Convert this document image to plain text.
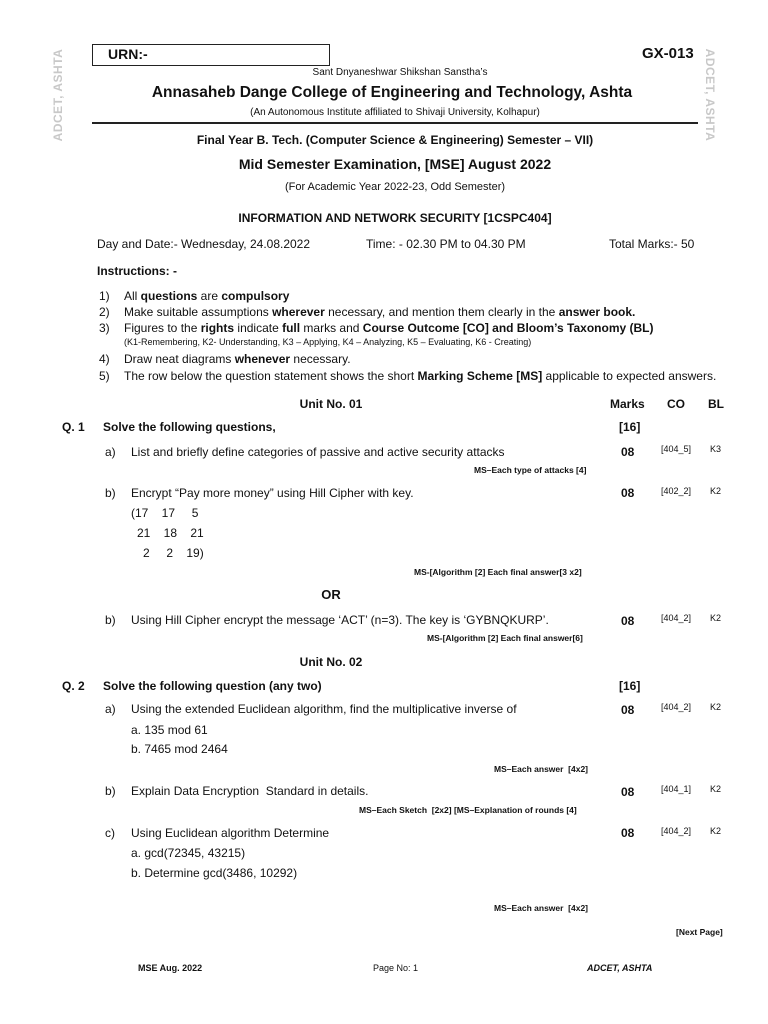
ADCET, ASHTA	ADCET, ASHTA
URN:-	GX-013
Sant Dnyaneshwar Shikshan Sanstha’s
Annasaheb Dange College of Engineering and Technology, Ashta
(An Autonomous Institute affiliated to Shivaji University, Kolhapur)
Final Year B. Tech. (Computer Science & Engineering) Semester – VII)
Mid Semester Examination, [MSE] August 2022
(For Academic Year 2022-23, Odd Semester)
INFORMATION AND NETWORK SECURITY [1CSPC404]
Day and Date:- Wednesday, 24.08.2022	Time: - 02.30 PM to 04.30 PM	Total Marks:- 50
Instructions: -
1) All questions are compulsory
2) Make suitable assumptions wherever necessary, and mention them clearly in the answer book.
3) Figures to the rights indicate full marks and Course Outcome [CO] and Bloom’s Taxonomy (BL)
(K1-Remembering, K2- Understanding, K3 – Applying, K4 – Analyzing, K5 – Evaluating, K6 - Creating)
4) Draw neat diagrams whenever necessary.
5) The row below the question statement shows the short Marking Scheme [MS] applicable to expected answers.
Unit No. 01	Marks CO BL
Q. 1 Solve the following questions,	[16]
a) List and briefly define categories of passive and active security attacks	08	[404_5] K3
MS–Each type of attacks [4]
b) Encrypt “Pay more money” using Hill Cipher with key.	08	[402_2] K2
(17    17     5
21    18    21
2     2    19)
MS-[Algorithm [2] Each final answer[3 x2]
OR
b) Using Hill Cipher encrypt the message ‘ACT’ (n=3). The key is ‘GYBNQKURP’.	08	[404_2] K2
MS-[Algorithm [2] Each final answer[6]
Unit No. 02
Q. 2 Solve the following question (any two)	[16]
a) Using the extended Euclidean algorithm, find the multiplicative inverse of	08	[404_2] K2
a. 135 mod 61
b. 7465 mod 2464
MS–Each answer  [4x2]
b) Explain Data Encryption  Standard in details.	08	[404_1] K2
MS–Each Sketch  [2x2] [MS–Explanation of rounds [4]
c) Using Euclidean algorithm Determine	08	[404_2] K2
a. gcd(72345, 43215)
b. Determine gcd(3486, 10292)
MS–Each answer  [4x2]
[Next Page]
MSE Aug. 2022	Page No: 1	ADCET, ASHTA
